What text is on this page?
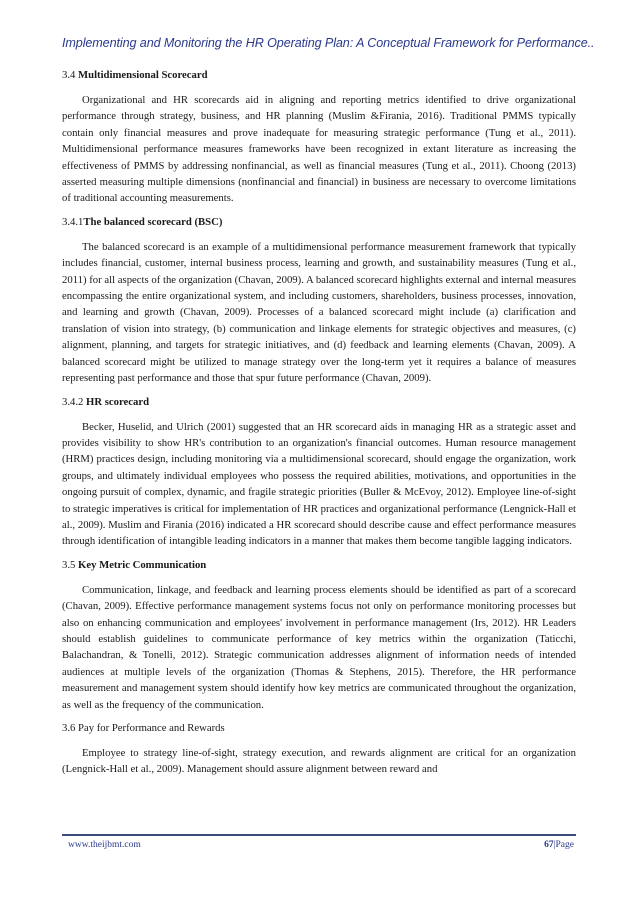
Implementing and Monitoring the HR Operating Plan: A Conceptual Framework for Performance..
3.4 Multidimensional Scorecard

Organizational and HR scorecards aid in aligning and reporting metrics identified to drive organizational performance through strategy, business, and HR planning (Muslim &Firania, 2016). Traditional PMMS typically contain only financial measures and prove inadequate for measuring strategic performance (Tung et al., 2011). Multidimensional performance measures frameworks have been recognized in extant literature as increasing the effectiveness of PMMS by addressing nonfinancial, as well as financial measures (Tung et al., 2011). Choong (2013) asserted measuring multiple dimensions (nonfinancial and financial) in business are necessary to overcome limitations of traditional accounting measurements.

3.4.1The balanced scorecard (BSC)

The balanced scorecard is an example of a multidimensional performance measurement framework that typically includes financial, customer, internal business process, learning and growth, and sustainability measures (Tung et al., 2011) for all aspects of the organization (Chavan, 2009). A balanced scorecard highlights external and internal measures encompassing the entire organizational system, and including customers, shareholders, business processes, innovation, and learning and growth (Chavan, 2009). Processes of a balanced scorecard might include (a) clarification and translation of vision into strategy, (b) communication and linkage elements for strategic objectives and measures, (c) alignment, planning, and targets for strategic initiatives, and (d) feedback and learning elements (Chavan, 2009). A balanced scorecard might be utilized to manage strategy over the long-term yet it requires a balance of measures representing past performance and those that spur future performance (Chavan, 2009).

3.4.2 HR scorecard

Becker, Huselid, and Ulrich (2001) suggested that an HR scorecard aids in managing HR as a strategic asset and provides visibility to show HR's contribution to an organization's financial outcomes. Human resource management (HRM) practices design, including monitoring via a multidimensional scorecard, should engage the organization, work groups, and ultimately individual employees who possess the required abilities, motivations, and opportunities in the ongoing pursuit of complex, dynamic, and fragile strategic priorities (Buller & McEvoy, 2012). Employee line-of-sight to strategic imperatives is critical for implementation of HR practices and organizational performance (Lengnick-Hall et al., 2009). Muslim and Firania (2016) indicated a HR scorecard should describe cause and effect performance measures through identification of intangible leading indicators in a manner that makes them become tangible lagging indicators.

3.5 Key Metric Communication

Communication, linkage, and feedback and learning process elements should be identified as part of a scorecard (Chavan, 2009). Effective performance management systems focus not only on performance monitoring processes but also on enhancing communication and employees' involvement in performance management (Irs, 2012). HR Leaders should establish guidelines to communicate performance of key metrics within the organization (Taticchi, Balachandran, & Tonelli, 2012). Strategic communication addresses alignment of information needs of intended audiences at multiple levels of the organization (Thomas & Stephens, 2015). Therefore, the HR performance measurement and management system should identify how key metrics are communicated throughout the organization, as well as the frequency of the communication.

3.6 Pay for Performance and Rewards

Employee to strategy line-of-sight, strategy execution, and rewards alignment are critical for an organization (Lengnick-Hall et al., 2009). Management should assure alignment between reward and

www.theijbmt.com	67|Page
